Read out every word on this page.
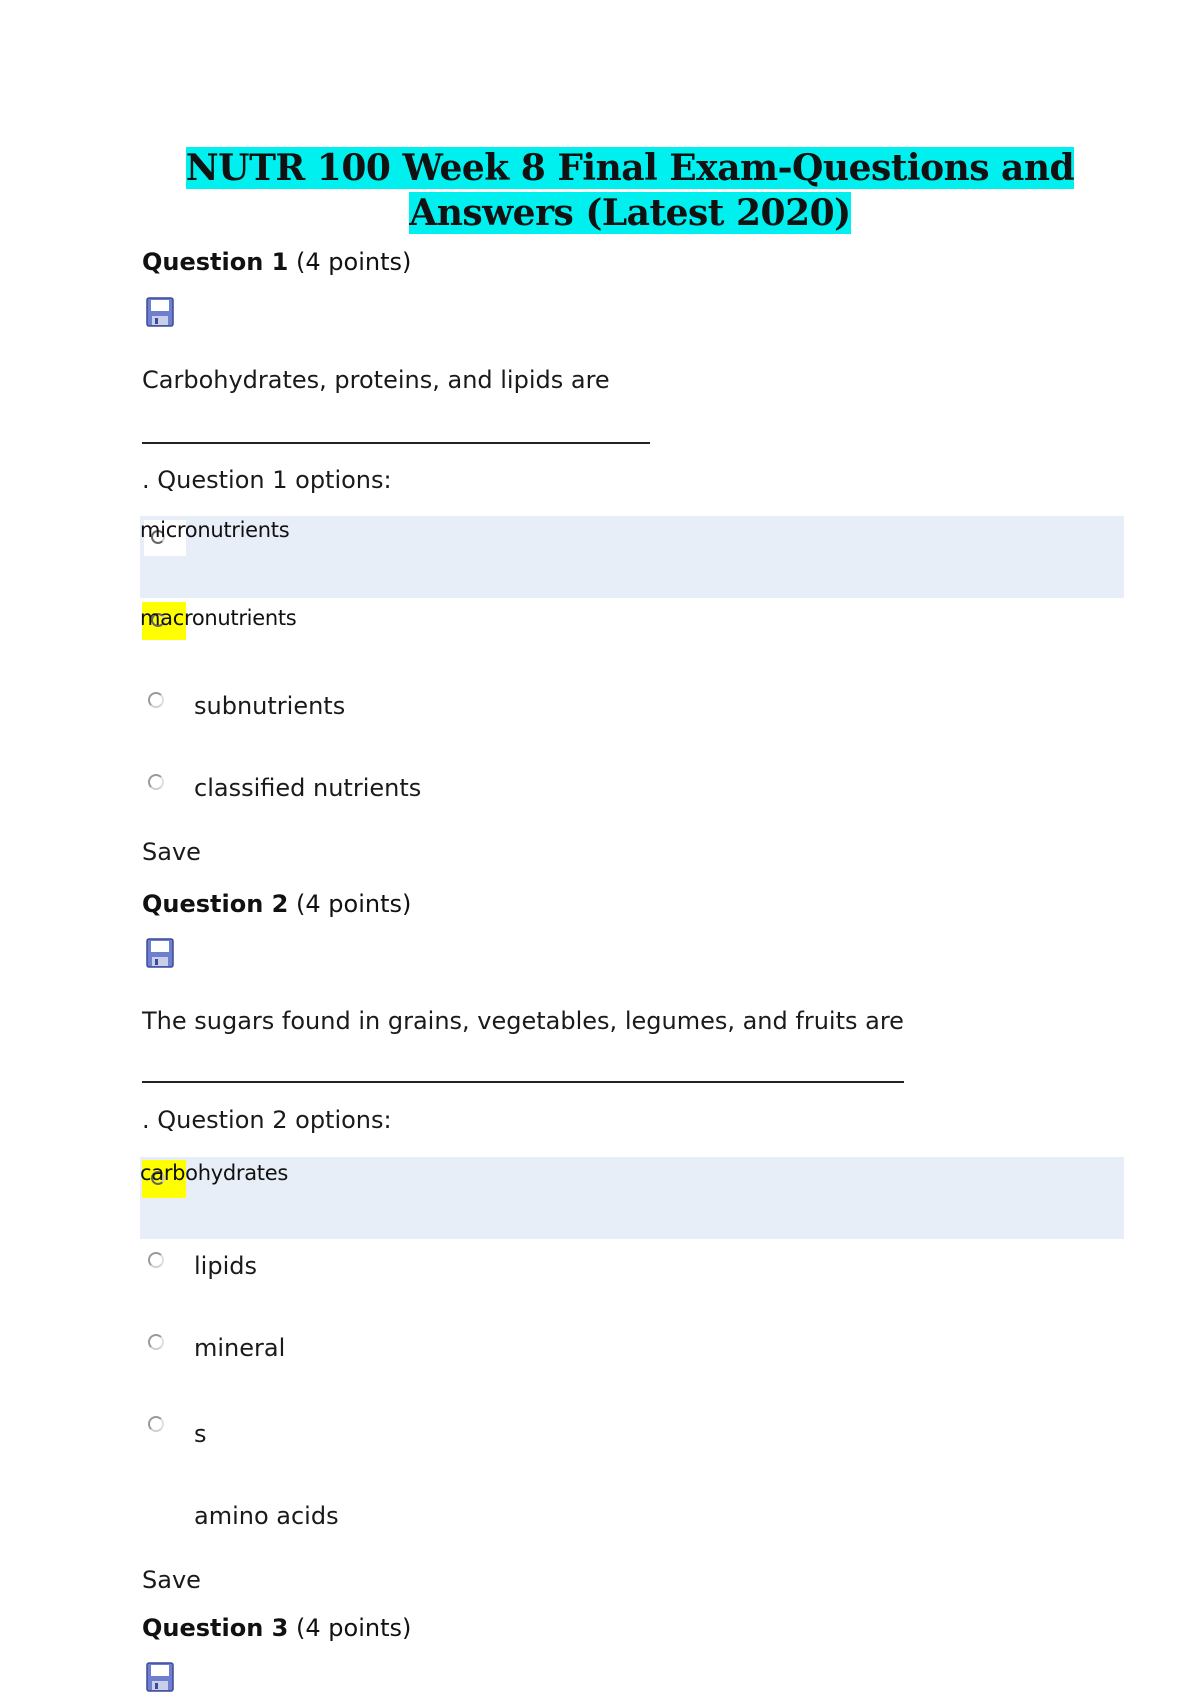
NUTR 100 Week 8 Final Exam-Questions and Answers (Latest 2020)
Question 1 (4 points)
Carbohydrates, proteins, and lipids are
. Question 1 options:
micronutrients
macronutrients
subnutrients
classified nutrients
Save
Question 2 (4 points)
The sugars found in grains, vegetables, legumes, and fruits are
. Question 2 options:
carbohydrates
lipids
mineral
s
amino acids
Save
Question 3 (4 points)
